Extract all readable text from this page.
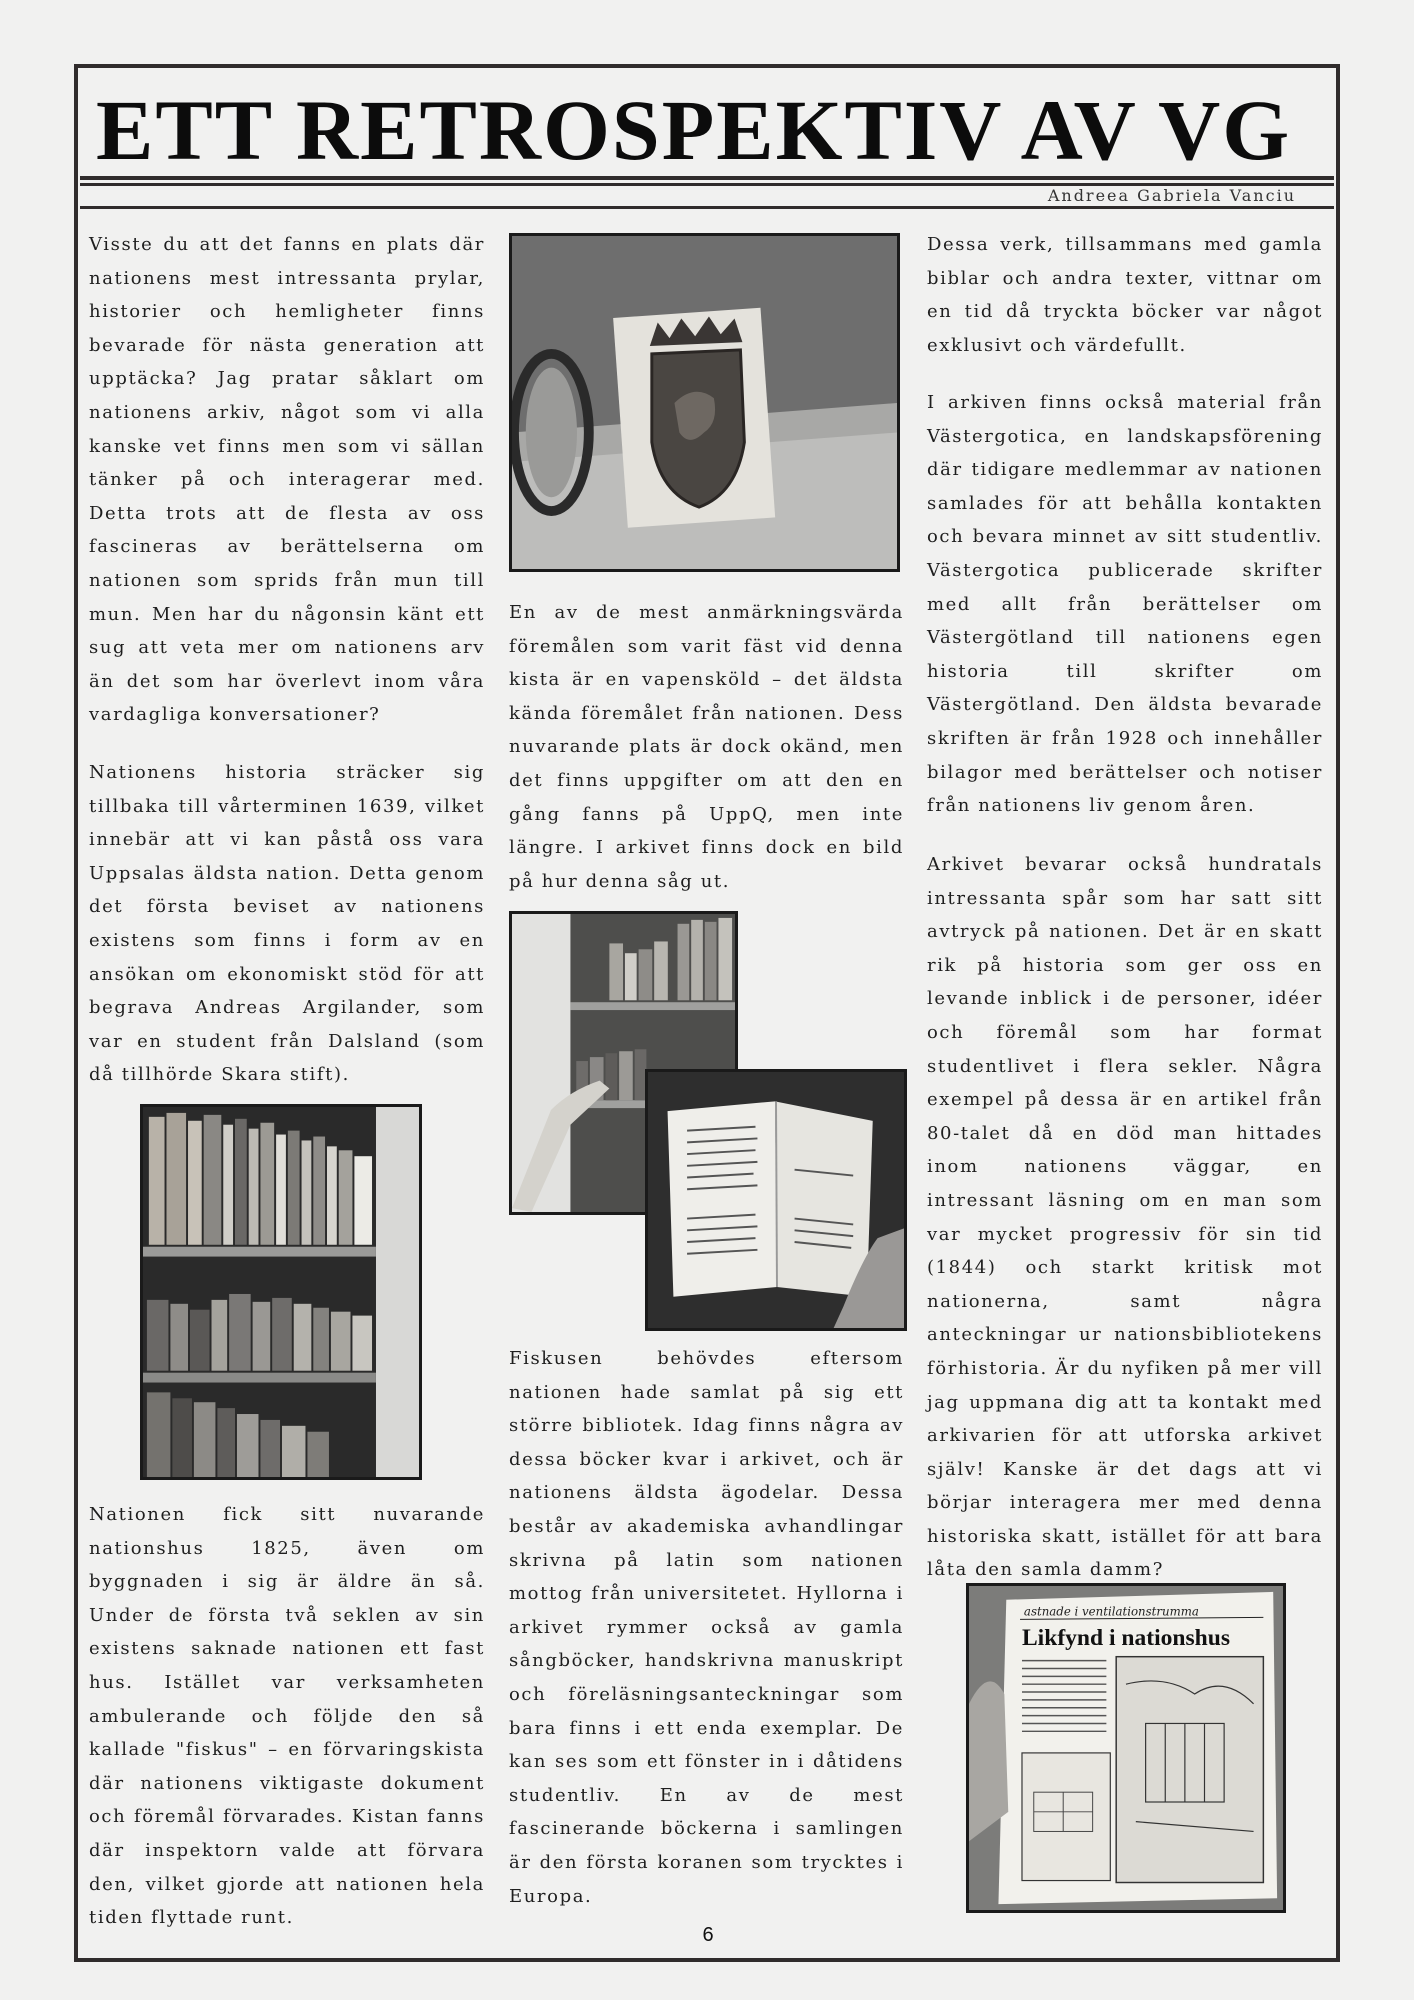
ETT RETROSPEKTIV AV VG
Andreea Gabriela Vanciu

Visste du att det fanns en plats där nationens mest intressanta prylar, historier och hemligheter finns bevarade för nästa generation att upptäcka? Jag pratar såklart om nationens arkiv, något som vi alla kanske vet finns men som vi sällan tänker på och interagerar med. Detta trots att de flesta av oss fascineras av berättelserna om nationen som sprids från mun till mun. Men har du någonsin känt ett sug att veta mer om nationens arv än det som har överlevt inom våra vardagliga konversationer?

Nationens historia sträcker sig tillbaka till vårterminen 1639, vilket innebär att vi kan påstå oss vara Uppsalas äldsta nation. Detta genom det första beviset av nationens existens som finns i form av en ansökan om ekonomiskt stöd för att begrava Andreas Argilander, som var en student från Dalsland (som då tillhörde Skara stift).

Nationen fick sitt nuvarande nationshus 1825, även om byggnaden i sig är äldre än så. Under de första två seklen av sin existens saknade nationen ett fast hus. Istället var verksamheten ambulerande och följde den så kallade "fiskus" – en förvaringskista där nationens viktigaste dokument och föremål förvarades. Kistan fanns där inspektorn valde att förvara den, vilket gjorde att nationen hela tiden flyttade runt.

En av de mest anmärkningsvärda föremålen som varit fäst vid denna kista är en vapensköld – det äldsta kända föremålet från nationen. Dess nuvarande plats är dock okänd, men det finns uppgifter om att den en gång fanns på UppQ, men inte längre. I arkivet finns dock en bild på hur denna såg ut.

Fiskusen behövdes eftersom nationen hade samlat på sig ett större bibliotek. Idag finns några av dessa böcker kvar i arkivet, och är nationens äldsta ägodelar. Dessa består av akademiska avhandlingar skrivna på latin som nationen mottog från universitetet. Hyllorna i arkivet rymmer också av gamla sångböcker, handskrivna manuskript och föreläsningsanteckningar som bara finns i ett enda exemplar. De kan ses som ett fönster in i dåtidens studentliv. En av de mest fascinerande böckerna i samlingen är den första koranen som trycktes i Europa.

Dessa verk, tillsammans med gamla biblar och andra texter, vittnar om en tid då tryckta böcker var något exklusivt och värdefullt.

I arkiven finns också material från Västergotica, en landskapsförening där tidigare medlemmar av nationen samlades för att behålla kontakten och bevara minnet av sitt studentliv. Västergotica publicerade skrifter med allt från berättelser om Västergötland till nationens egen historia till skrifter om Västergötland. Den äldsta bevarade skriften är från 1928 och innehåller bilagor med berättelser och notiser från nationens liv genom åren.

Arkivet bevarar också hundratals intressanta spår som har satt sitt avtryck på nationen. Det är en skatt rik på historia som ger oss en levande inblick i de personer, idéer och föremål som har format studentlivet i flera sekler. Några exempel på dessa är en artikel från 80-talet då en död man hittades inom nationens väggar, en intressant läsning om en man som var mycket progressiv för sin tid (1844) och starkt kritisk mot nationerna, samt några anteckningar ur nationsbibliotekens förhistoria. Är du nyfiken på mer vill jag uppmana dig att ta kontakt med arkivarien för att utforska arkivet själv! Kanske är det dags att vi börjar interagera mer med denna historiska skatt, istället för att bara låta den samla damm?

astnade i ventilationstrumma
Likfynd i nationshus
6
